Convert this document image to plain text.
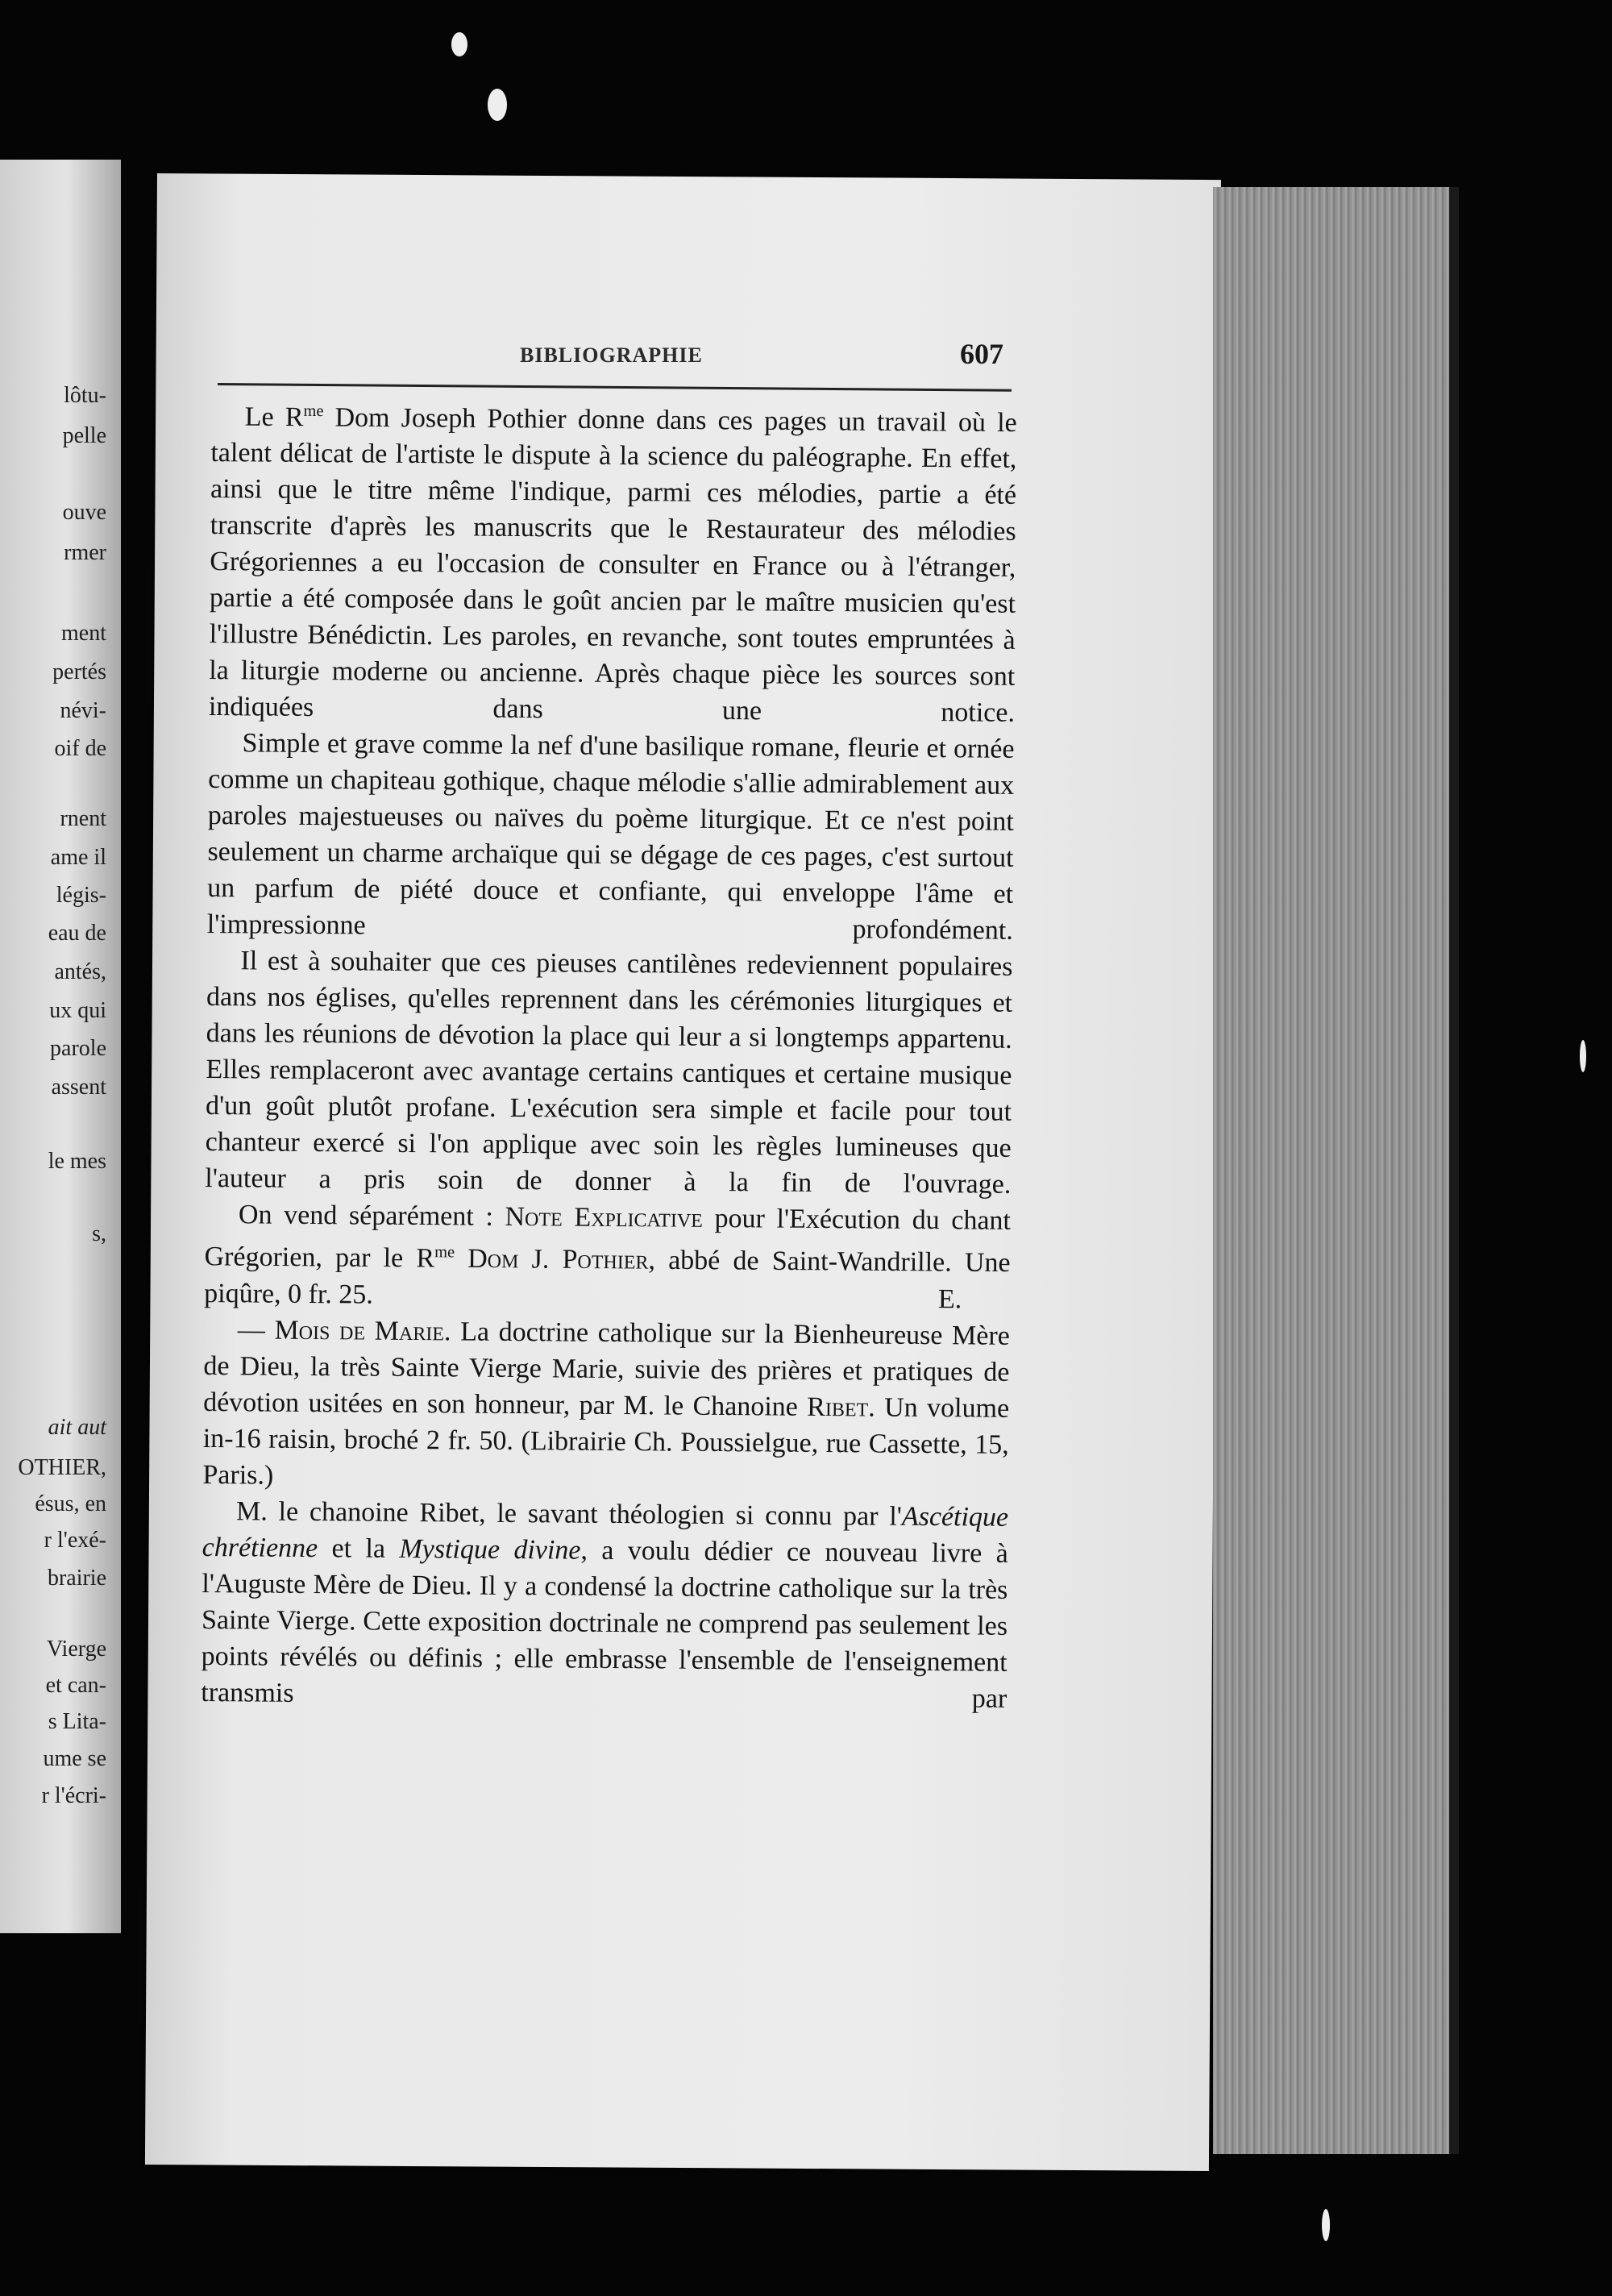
lôtu-
pelle
ouve
rmer
ment
pertés
névi-
oif de
rnent
ame il
légis-
eau de
antés,
ux qui
parole
assent
le mes
s,
ait aut
OTHIER,
ésus, en
r l'exé-
brairie
Vierge
et can-
s Lita-
ume se
r l'écri-
BIBLIOGRAPHIE	607

Le $R^{me}$ Dom Joseph Pothier donne dans ces pages un travail où le talent délicat de l'artiste le dispute à la science du paléographe. En effet, ainsi que le titre même l'indique, parmi ces mélodies, partie a été transcrite d'après les manuscrits que le Restaurateur des mélodies Grégoriennes a eu l'occasion de consulter en France ou à l'étranger, partie a été composée dans le goût ancien par le maître musicien qu'est l'illustre Bénédictin. Les paroles, en revanche, sont toutes empruntées à la liturgie moderne ou ancienne. Après chaque pièce les sources sont indiquées dans une notice.

Simple et grave comme la nef d'une basilique romane, fleurie et ornée comme un chapiteau gothique, chaque mélodie s'allie admirablement aux paroles majestueuses ou naïves du poème liturgique. Et ce n'est point seulement un charme archaïque qui se dégage de ces pages, c'est surtout un parfum de piété douce et confiante, qui enveloppe l'âme et l'impressionne profondément.

Il est à souhaiter que ces pieuses cantilènes redeviennent populaires dans nos églises, qu'elles reprennent dans les cérémonies liturgiques et dans les réunions de dévotion la place qui leur a si longtemps appartenu. Elles remplaceront avec avantage certains cantiques et certaine musique d'un goût plutôt profane. L'exécution sera simple et facile pour tout chanteur exercé si l'on applique avec soin les règles lumineuses que l'auteur a pris soin de donner à la fin de l'ouvrage.

On vend séparément : Note Explicative pour l'Exécution du chant Grégorien, par le $R^{me}$ Dom J. Pothier, abbé de Saint-Wandrille. Une piqûre, 0 fr. 25.	E.

— Mois de Marie. La doctrine catholique sur la Bienheureuse Mère de Dieu, la très Sainte Vierge Marie, suivie des prières et pratiques de dévotion usitées en son honneur, par M. le Chanoine Ribet. Un volume in-16 raisin, broché 2 fr. 50. (Librairie Ch. Poussielgue, rue Cassette, 15, Paris.)

M. le chanoine Ribet, le savant théologien si connu par l'Ascétique chrétienne et la Mystique divine, a voulu dédier ce nouveau livre à l'Auguste Mère de Dieu. Il y a condensé la doctrine catholique sur la très Sainte Vierge. Cette exposition doctrinale ne comprend pas seulement les points révélés ou définis ; elle embrasse l'ensemble de l'enseignement transmis par
